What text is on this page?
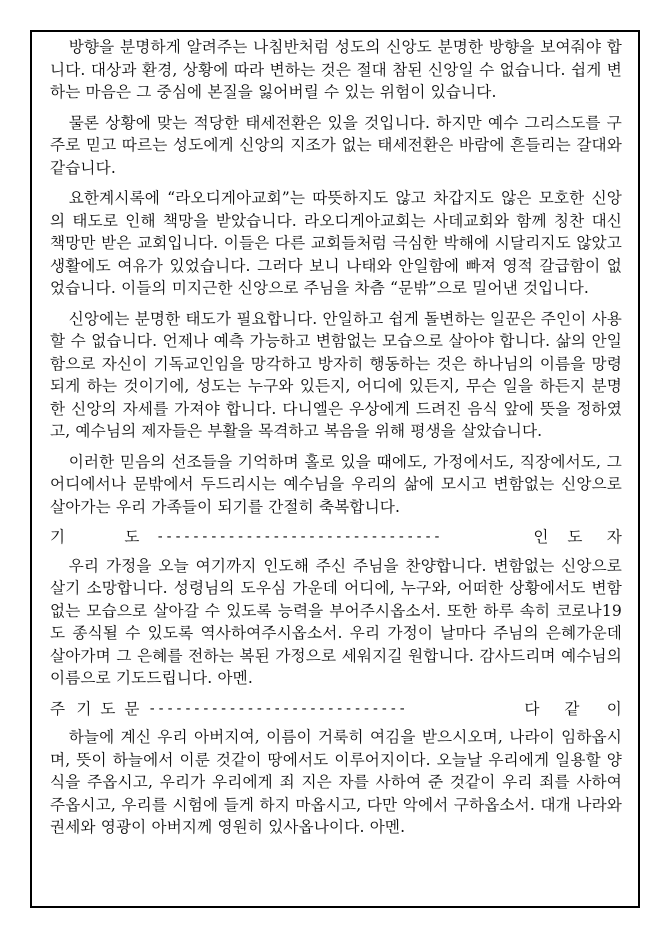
방향을 분명하게 알려주는 나침반처럼 성도의 신앙도 분명한 방향을 보여줘야 합니다. 대상과 환경, 상황에 따라 변하는 것은 절대 참된 신앙일 수 없습니다. 쉽게 변하는 마음은 그 중심에 본질을 잃어버릴 수 있는 위험이 있습니다.

물론 상황에 맞는 적당한 태세전환은 있을 것입니다. 하지만 예수 그리스도를 구주로 믿고 따르는 성도에게 신앙의 지조가 없는 태세전환은 바람에 흔들리는 갈대와 같습니다.

요한계시록에 “라오디게아교회”는 따뜻하지도 않고 차갑지도 않은 모호한 신앙의 태도로 인해 책망을 받았습니다. 라오디게아교회는 사데교회와 함께 칭찬 대신 책망만 받은 교회입니다. 이들은 다른 교회들처럼 극심한 박해에 시달리지도 않았고 생활에도 여유가 있었습니다. 그러다 보니 나태와 안일함에 빠져 영적 갈급함이 없었습니다. 이들의 미지근한 신앙으로 주님을 차츰 “문밖”으로 밀어낸 것입니다.

신앙에는 분명한 태도가 필요합니다. 안일하고 쉽게 돌변하는 일꾼은 주인이 사용할 수 없습니다. 언제나 예측 가능하고 변함없는 모습으로 살아야 합니다. 삶의 안일함으로 자신이 기독교인임을 망각하고 방자히 행동하는 것은 하나님의 이름을 망령되게 하는 것이기에, 성도는 누구와 있든지, 어디에 있든지, 무슨 일을 하든지 분명한 신앙의 자세를 가져야 합니다. 다니엘은 우상에게 드려진 음식 앞에 뜻을 정하였고, 예수님의 제자들은 부활을 목격하고 복음을 위해 평생을 살았습니다.

이러한 믿음의 선조들을 기억하며 홀로 있을 때에도, 가정에서도, 직장에서도, 그 어디에서나 문밖에서 두드리시는 예수님을 우리의 삶에 모시고 변함없는 신앙으로 살아가는 우리 가족들이 되기를 간절히 축복합니다.

기	도	--------------------------------	인	도	자

우리 가정을 오늘 여기까지 인도해 주신 주님을 찬양합니다. 변함없는 신앙으로 살기 소망합니다. 성령님의 도우심 가운데 어디에, 누구와, 어떠한 상황에서도 변함없는 모습으로 살아갈 수 있도록 능력을 부어주시옵소서. 또한 하루 속히 코로나19도 종식될 수 있도록 역사하여주시옵소서. 우리 가정이 날마다 주님의 은혜가운데 살아가며 그 은혜를 전하는 복된 가정으로 세워지길 원합니다. 감사드리며 예수님의 이름으로 기도드립니다. 아멘.

주 기 도 문 -----------------------------	다	같	이

하늘에 계신 우리 아버지여, 이름이 거룩히 여김을 받으시오며, 나라이 임하옵시며, 뜻이 하늘에서 이룬 것같이 땅에서도 이루어지이다. 오늘날 우리에게 일용할 양식을 주옵시고, 우리가 우리에게 죄 지은 자를 사하여 준 것같이 우리 죄를 사하여 주옵시고, 우리를 시험에 들게 하지 마옵시고, 다만 악에서 구하옵소서. 대개 나라와 권세와 영광이 아버지께 영원히 있사옵나이다. 아멘.
